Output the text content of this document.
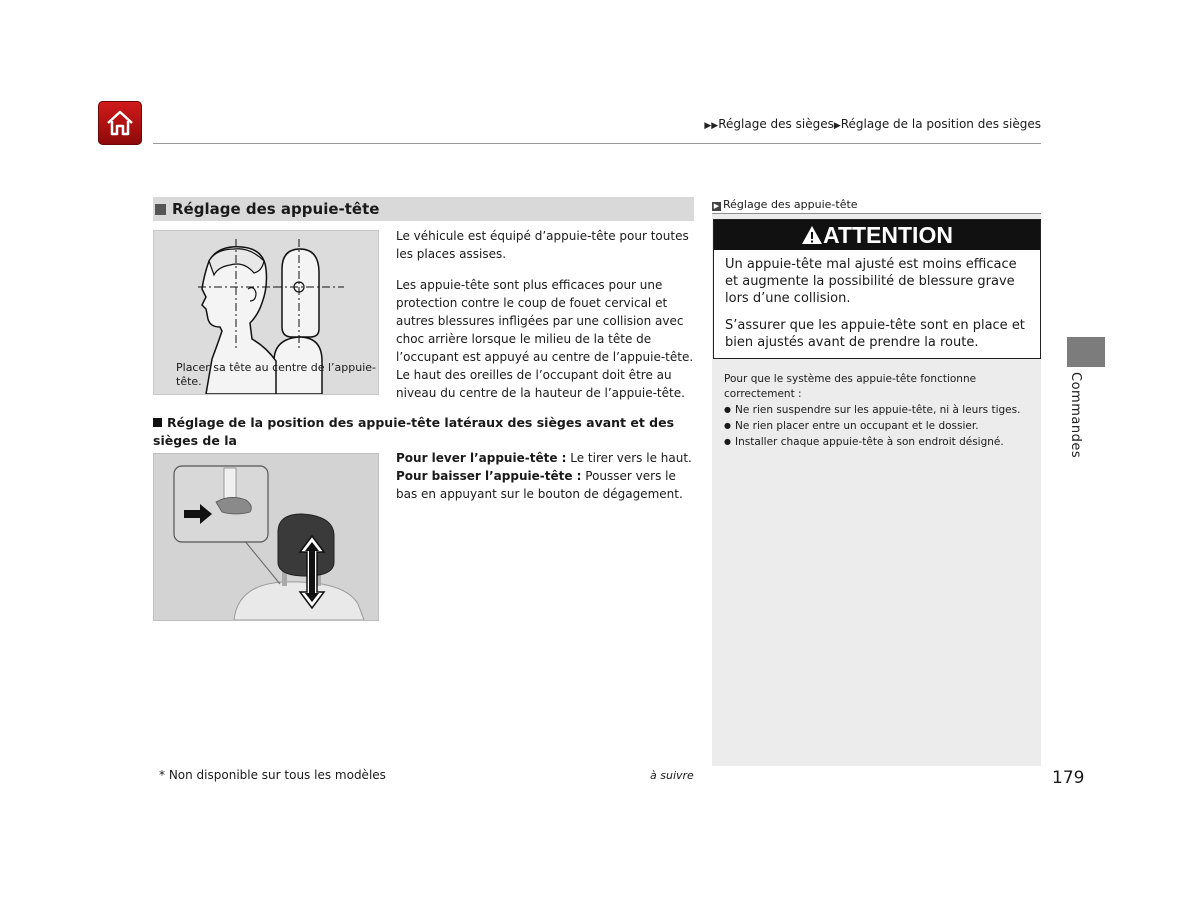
▶▶Réglage des sièges▶Réglage de la position des sièges
Réglage des appuie-tête
Placer sa tête au centre de l’appuie-tête.
Le véhicule est équipé d’appuie-tête pour toutes les places assises.
Les appuie-tête sont plus efficaces pour une protection contre le coup de fouet cervical et autres blessures infligées par une collision avec choc arrière lorsque le milieu de la tête de l’occupant est appuyé au centre de l’appuie-tête. Le haut des oreilles de l’occupant doit être au niveau du centre de la hauteur de l’appuie-tête.
Réglage de la position des appuie-tête latéraux des sièges avant et des sièges de la
Pour lever l’appuie-tête : Le tirer vers le haut.
Pour baisser l’appuie-tête : Pousser vers le bas en appuyant sur le bouton de dégagement.
▶ Réglage des appuie-tête
ATTENTION

Un appuie-tête mal ajusté est moins efficace et augmente la possibilité de blessure grave lors d’une collision.

S’assurer que les appuie-tête sont en place et bien ajustés avant de prendre la route.

Pour que le système des appuie-tête fonctionne correctement :
● Ne rien suspendre sur les appuie-tête, ni à leurs tiges.
● Ne rien placer entre un occupant et le dossier.
● Installer chaque appuie-tête à son endroit désigné.	Commandes
* Non disponible sur tous les modèles	à suivre	179
